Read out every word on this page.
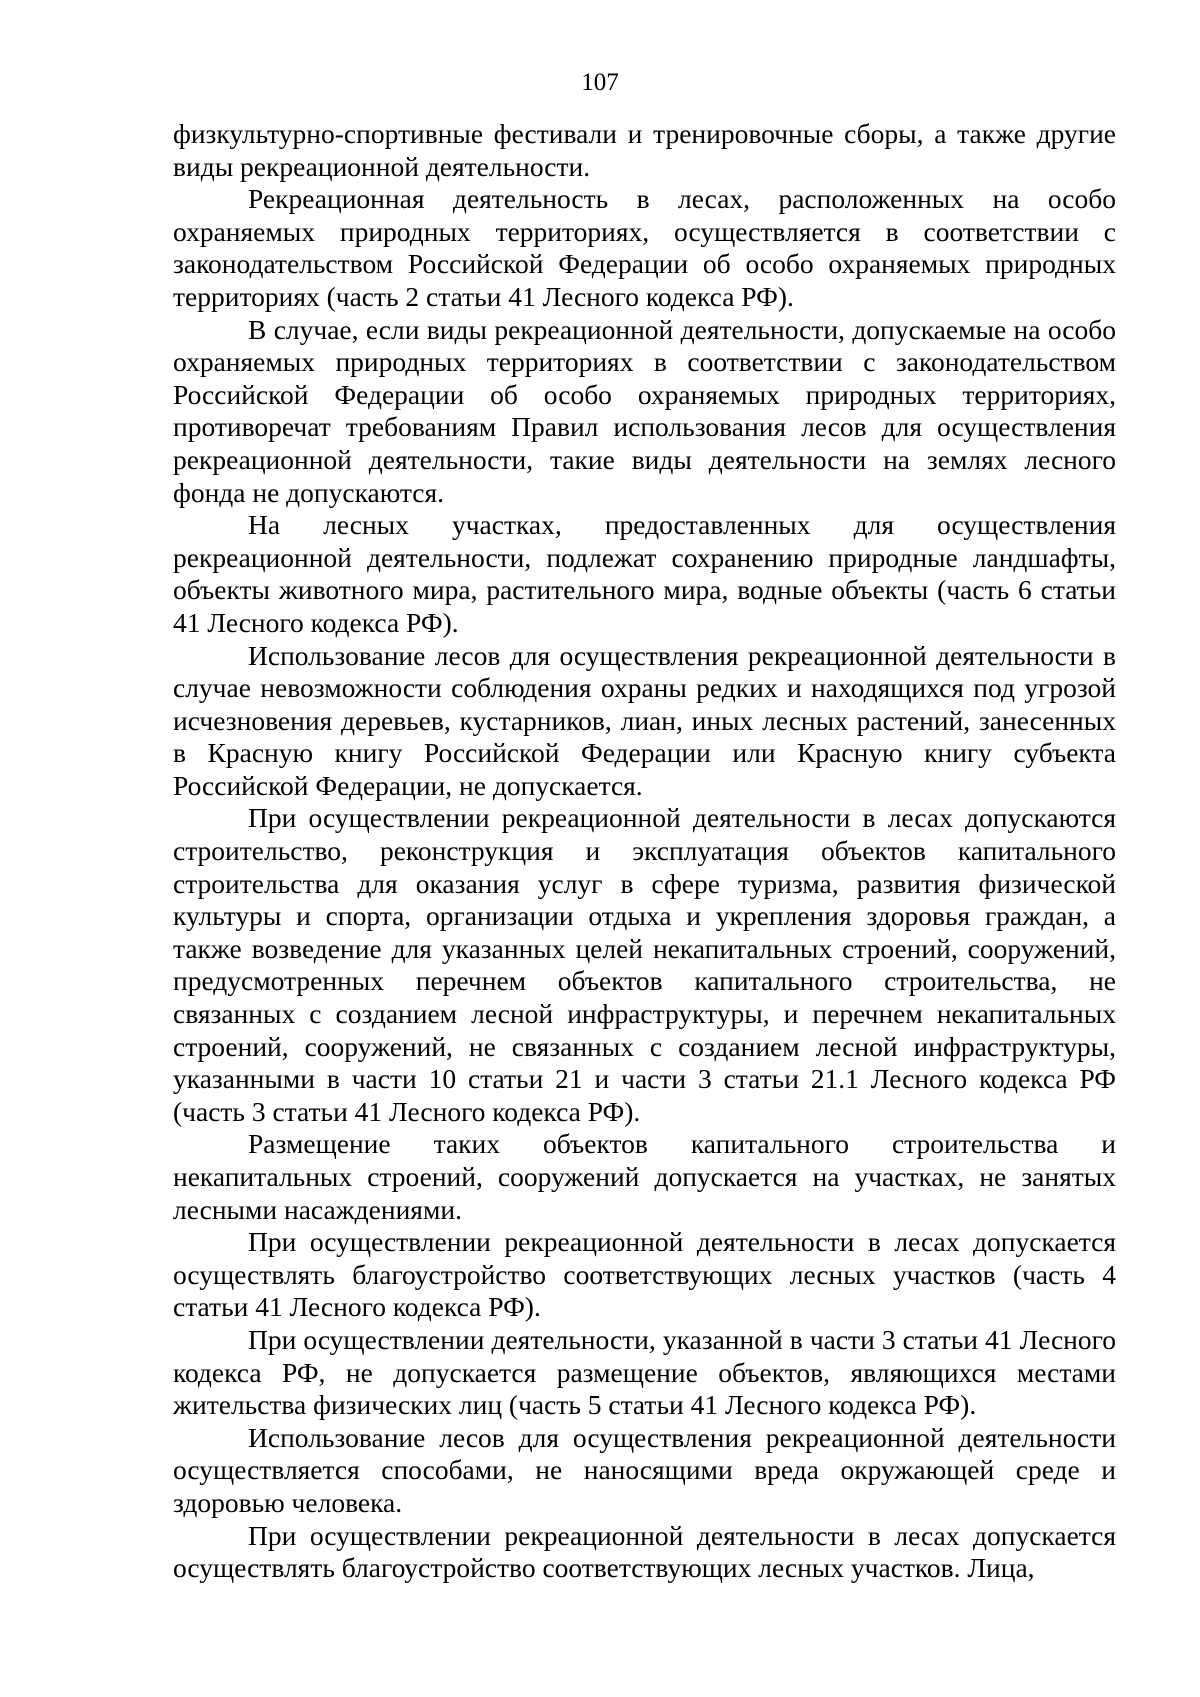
107

физкультурно-спортивные фестивали и тренировочные сборы, а также другие виды рекреационной деятельности.

Рекреационная деятельность в лесах, расположенных на особо охраняемых природных территориях, осуществляется в соответствии с законодательством Российской Федерации об особо охраняемых природных территориях (часть 2 статьи 41 Лесного кодекса РФ).

В случае, если виды рекреационной деятельности, допускаемые на особо охраняемых природных территориях в соответствии с законодательством Российской Федерации об особо охраняемых природных территориях, противоречат требованиям Правил использования лесов для осуществления рекреационной деятельности, такие виды деятельности на землях лесного фонда не допускаются.

На лесных участках, предоставленных для осуществления рекреационной деятельности, подлежат сохранению природные ландшафты, объекты животного мира, растительного мира, водные объекты (часть 6 статьи 41 Лесного кодекса РФ).

Использование лесов для осуществления рекреационной деятельности в случае невозможности соблюдения охраны редких и находящихся под угрозой исчезновения деревьев, кустарников, лиан, иных лесных растений, занесенных в Красную книгу Российской Федерации или Красную книгу субъекта Российской Федерации, не допускается.

При осуществлении рекреационной деятельности в лесах допускаются строительство, реконструкция и эксплуатация объектов капитального строительства для оказания услуг в сфере туризма, развития физической культуры и спорта, организации отдыха и укрепления здоровья граждан, а также возведение для указанных целей некапитальных строений, сооружений, предусмотренных перечнем объектов капитального строительства, не связанных с созданием лесной инфраструктуры, и перечнем некапитальных строений, сооружений, не связанных с созданием лесной инфраструктуры, указанными в части 10 статьи 21 и части 3 статьи 21.1 Лесного кодекса РФ (часть 3 статьи 41 Лесного кодекса РФ).

Размещение таких объектов капитального строительства и некапитальных строений, сооружений допускается на участках, не занятых лесными насаждениями.

При осуществлении рекреационной деятельности в лесах допускается осуществлять благоустройство соответствующих лесных участков (часть 4 статьи 41 Лесного кодекса РФ).

При осуществлении деятельности, указанной в части 3 статьи 41 Лесного кодекса РФ, не допускается размещение объектов, являющихся местами жительства физических лиц (часть 5 статьи 41 Лесного кодекса РФ).

Использование лесов для осуществления рекреационной деятельности осуществляется способами, не наносящими вреда окружающей среде и здоровью человека.

При осуществлении рекреационной деятельности в лесах допускается осуществлять благоустройство соответствующих лесных участков. Лица,
